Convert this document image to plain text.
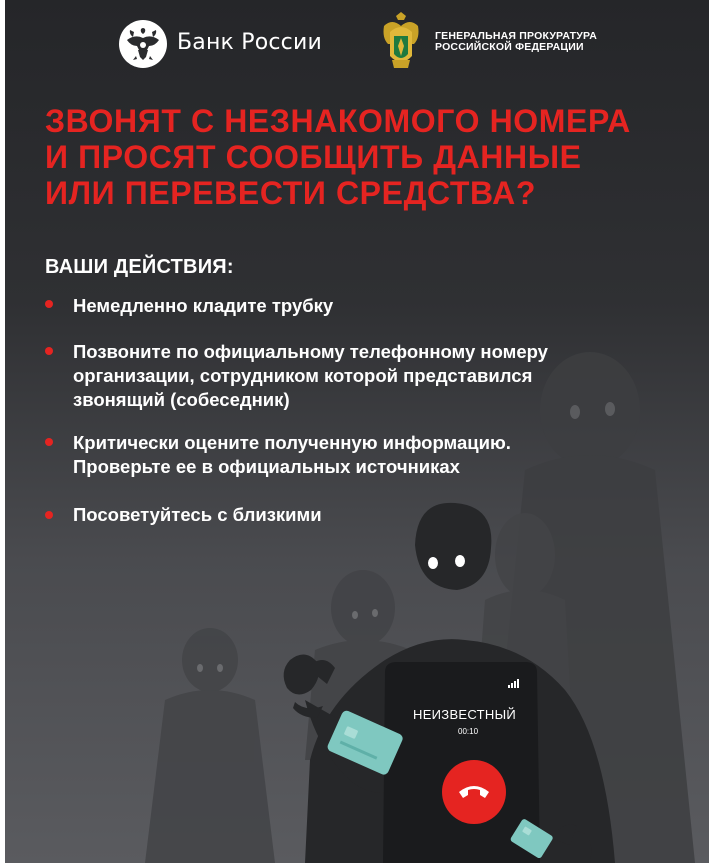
Банк России	ГЕНЕРАЛЬНАЯ ПРОКУРАТУРА
РОССИЙСКОЙ ФЕДЕРАЦИИ
ЗВОНЯТ С НЕЗНАКОМОГО НОМЕРА
И ПРОСЯТ СООБЩИТЬ ДАННЫЕ
ИЛИ ПЕРЕВЕСТИ СРЕДСТВА?
ВАШИ ДЕЙСТВИЯ:
Немедленно кладите трубку
Позвоните по официальному телефонному номеру
организации, сотрудником которой представился
звонящий (собеседник)
Критически оцените полученную информацию.
Проверьте ее в официальных источниках
Посоветуйтесь с близкими
НЕИЗВЕСТНЫЙ
00:10
